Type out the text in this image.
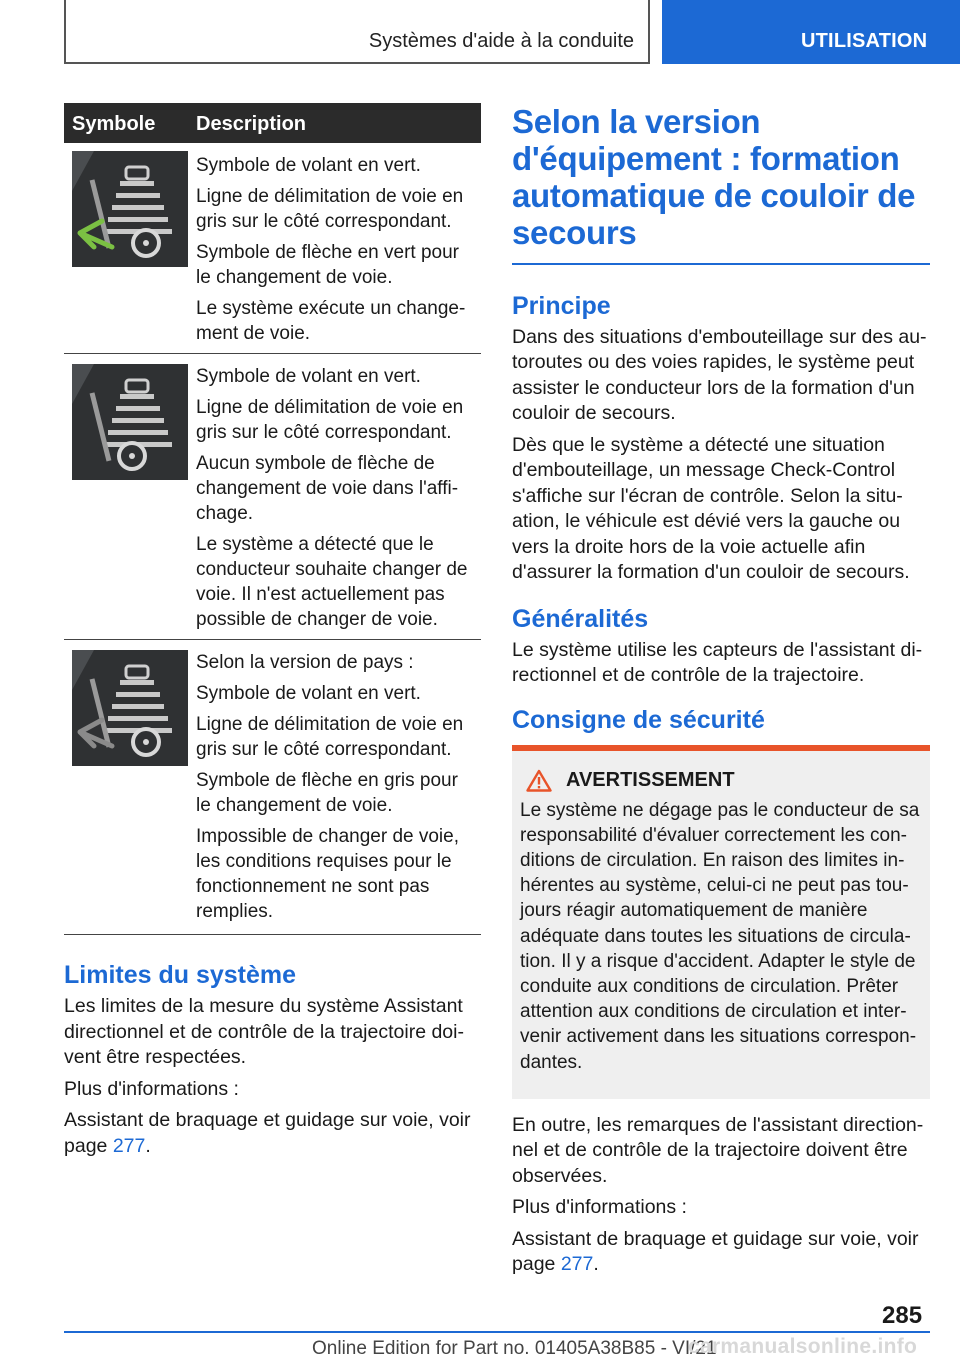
Systèmes d'aide à la conduite	UTILISATION
Symbole Description

Symbole de volant en vert.

Ligne de délimitation de voie en gris sur le côté correspondant.

Symbole de flèche en vert pour le changement de voie.

Le système exécute un change-ment de voie.

Symbole de volant en vert.

Ligne de délimitation de voie en gris sur le côté correspondant.

Aucun symbole de flèche de changement de voie dans l'affi-chage.

Le système a détecté que le conducteur souhaite changer de voie. Il n'est actuellement pas possible de changer de voie.

Selon la version de pays :

Symbole de volant en vert.

Ligne de délimitation de voie en gris sur le côté correspondant.

Symbole de flèche en gris pour le changement de voie.

Impossible de changer de voie, les conditions requises pour le fonctionnement ne sont pas remplies.

Limites du système

Les limites de la mesure du système Assistant directionnel et de contrôle de la trajectoire doi-vent être respectées.

Plus d'informations :

Assistant de braquage et guidage sur voie, voir page 277.

Selon la version d'équipement : formation automatique de couloir de secours
Principe

Dans des situations d'embouteillage sur des au-toroutes ou des voies rapides, le système peut assister le conducteur lors de la formation d'un couloir de secours.

Dès que le système a détecté une situation d'embouteillage, un message Check-Control s'affiche sur l'écran de contrôle. Selon la situ-ation, le véhicule est dévié vers la gauche ou vers la droite hors de la voie actuelle afin d'assurer la formation d'un couloir de secours.

Généralités

Le système utilise les capteurs de l'assistant di-rectionnel et de contrôle de la trajectoire.

Consigne de sécurité
AVERTISSEMENT

Le système ne dégage pas le conducteur de sa responsabilité d'évaluer correctement les con-ditions de circulation. En raison des limites in-hérentes au système, celui-ci ne peut pas tou-jours réagir automatiquement de manière adéquate dans toutes les situations de circula-tion. Il y a risque d'accident. Adapter le style de conduite aux conditions de circulation. Prêter attention aux conditions de circulation et inter-venir activement dans les situations correspon-dantes.

En outre, les remarques de l'assistant direction-nel et de contrôle de la trajectoire doivent être observées.

Plus d'informations :

Assistant de braquage et guidage sur voie, voir page 277.

285
Online Edition for Part no. 01405A38B85 - VI/21
carmanualsonline.info
